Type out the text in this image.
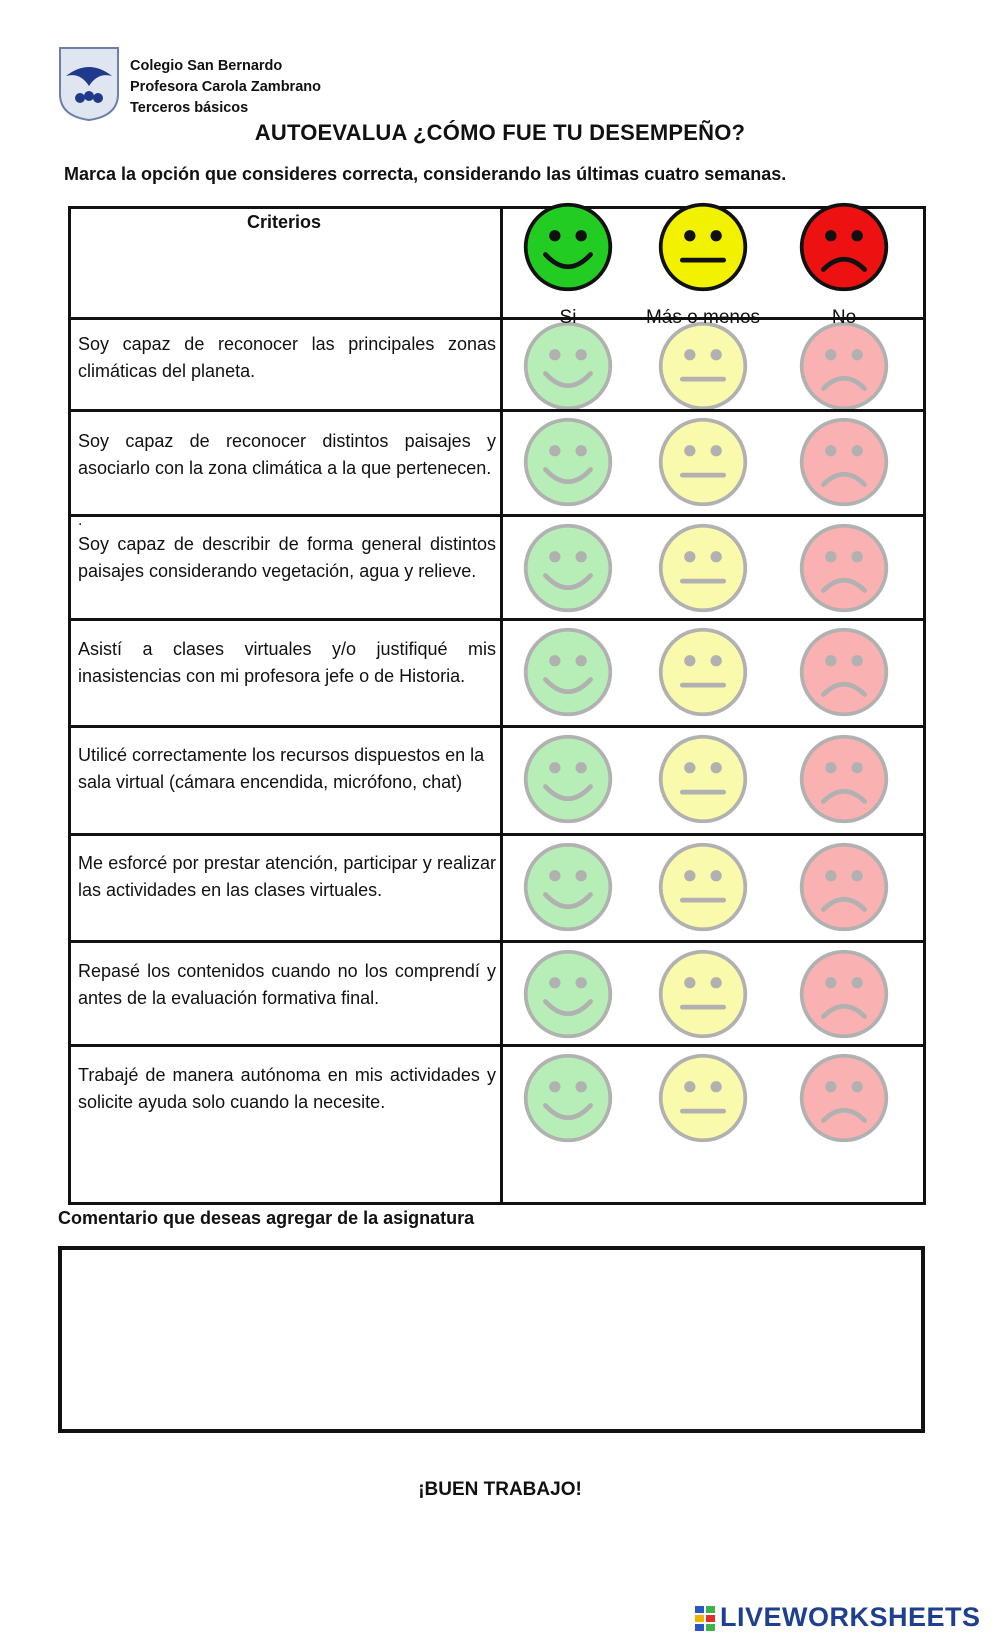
Colegio San Bernardo
Profesora Carola Zambrano
Terceros básicos
AUTOEVALUA ¿CÓMO FUE TU DESEMPEÑO?
Marca la opción que consideres correcta, considerando las últimas cuatro semanas.
Criterios
Si	Más o menos	No
Soy capaz de reconocer las principales zonas climáticas del planeta.
Soy capaz de reconocer distintos paisajes y asociarlo con la zona climática a la que pertenecen.
.
Soy capaz de describir de forma general distintos paisajes considerando vegetación, agua y relieve.
Asistí a clases virtuales y/o justifiqué mis inasistencias con mi profesora jefe o de Historia.
Utilicé correctamente los recursos dispuestos en la sala virtual (cámara encendida, micrófono, chat)
Me esforcé por prestar atención, participar y realizar las actividades en las clases virtuales.
Repasé los contenidos cuando no los comprendí y antes de la evaluación formativa final.
Trabajé de manera autónoma en mis actividades y solicite ayuda solo cuando la necesite.
Comentario que deseas agregar de la asignatura
¡BUEN TRABAJO!
LIVEWORKSHEETS
